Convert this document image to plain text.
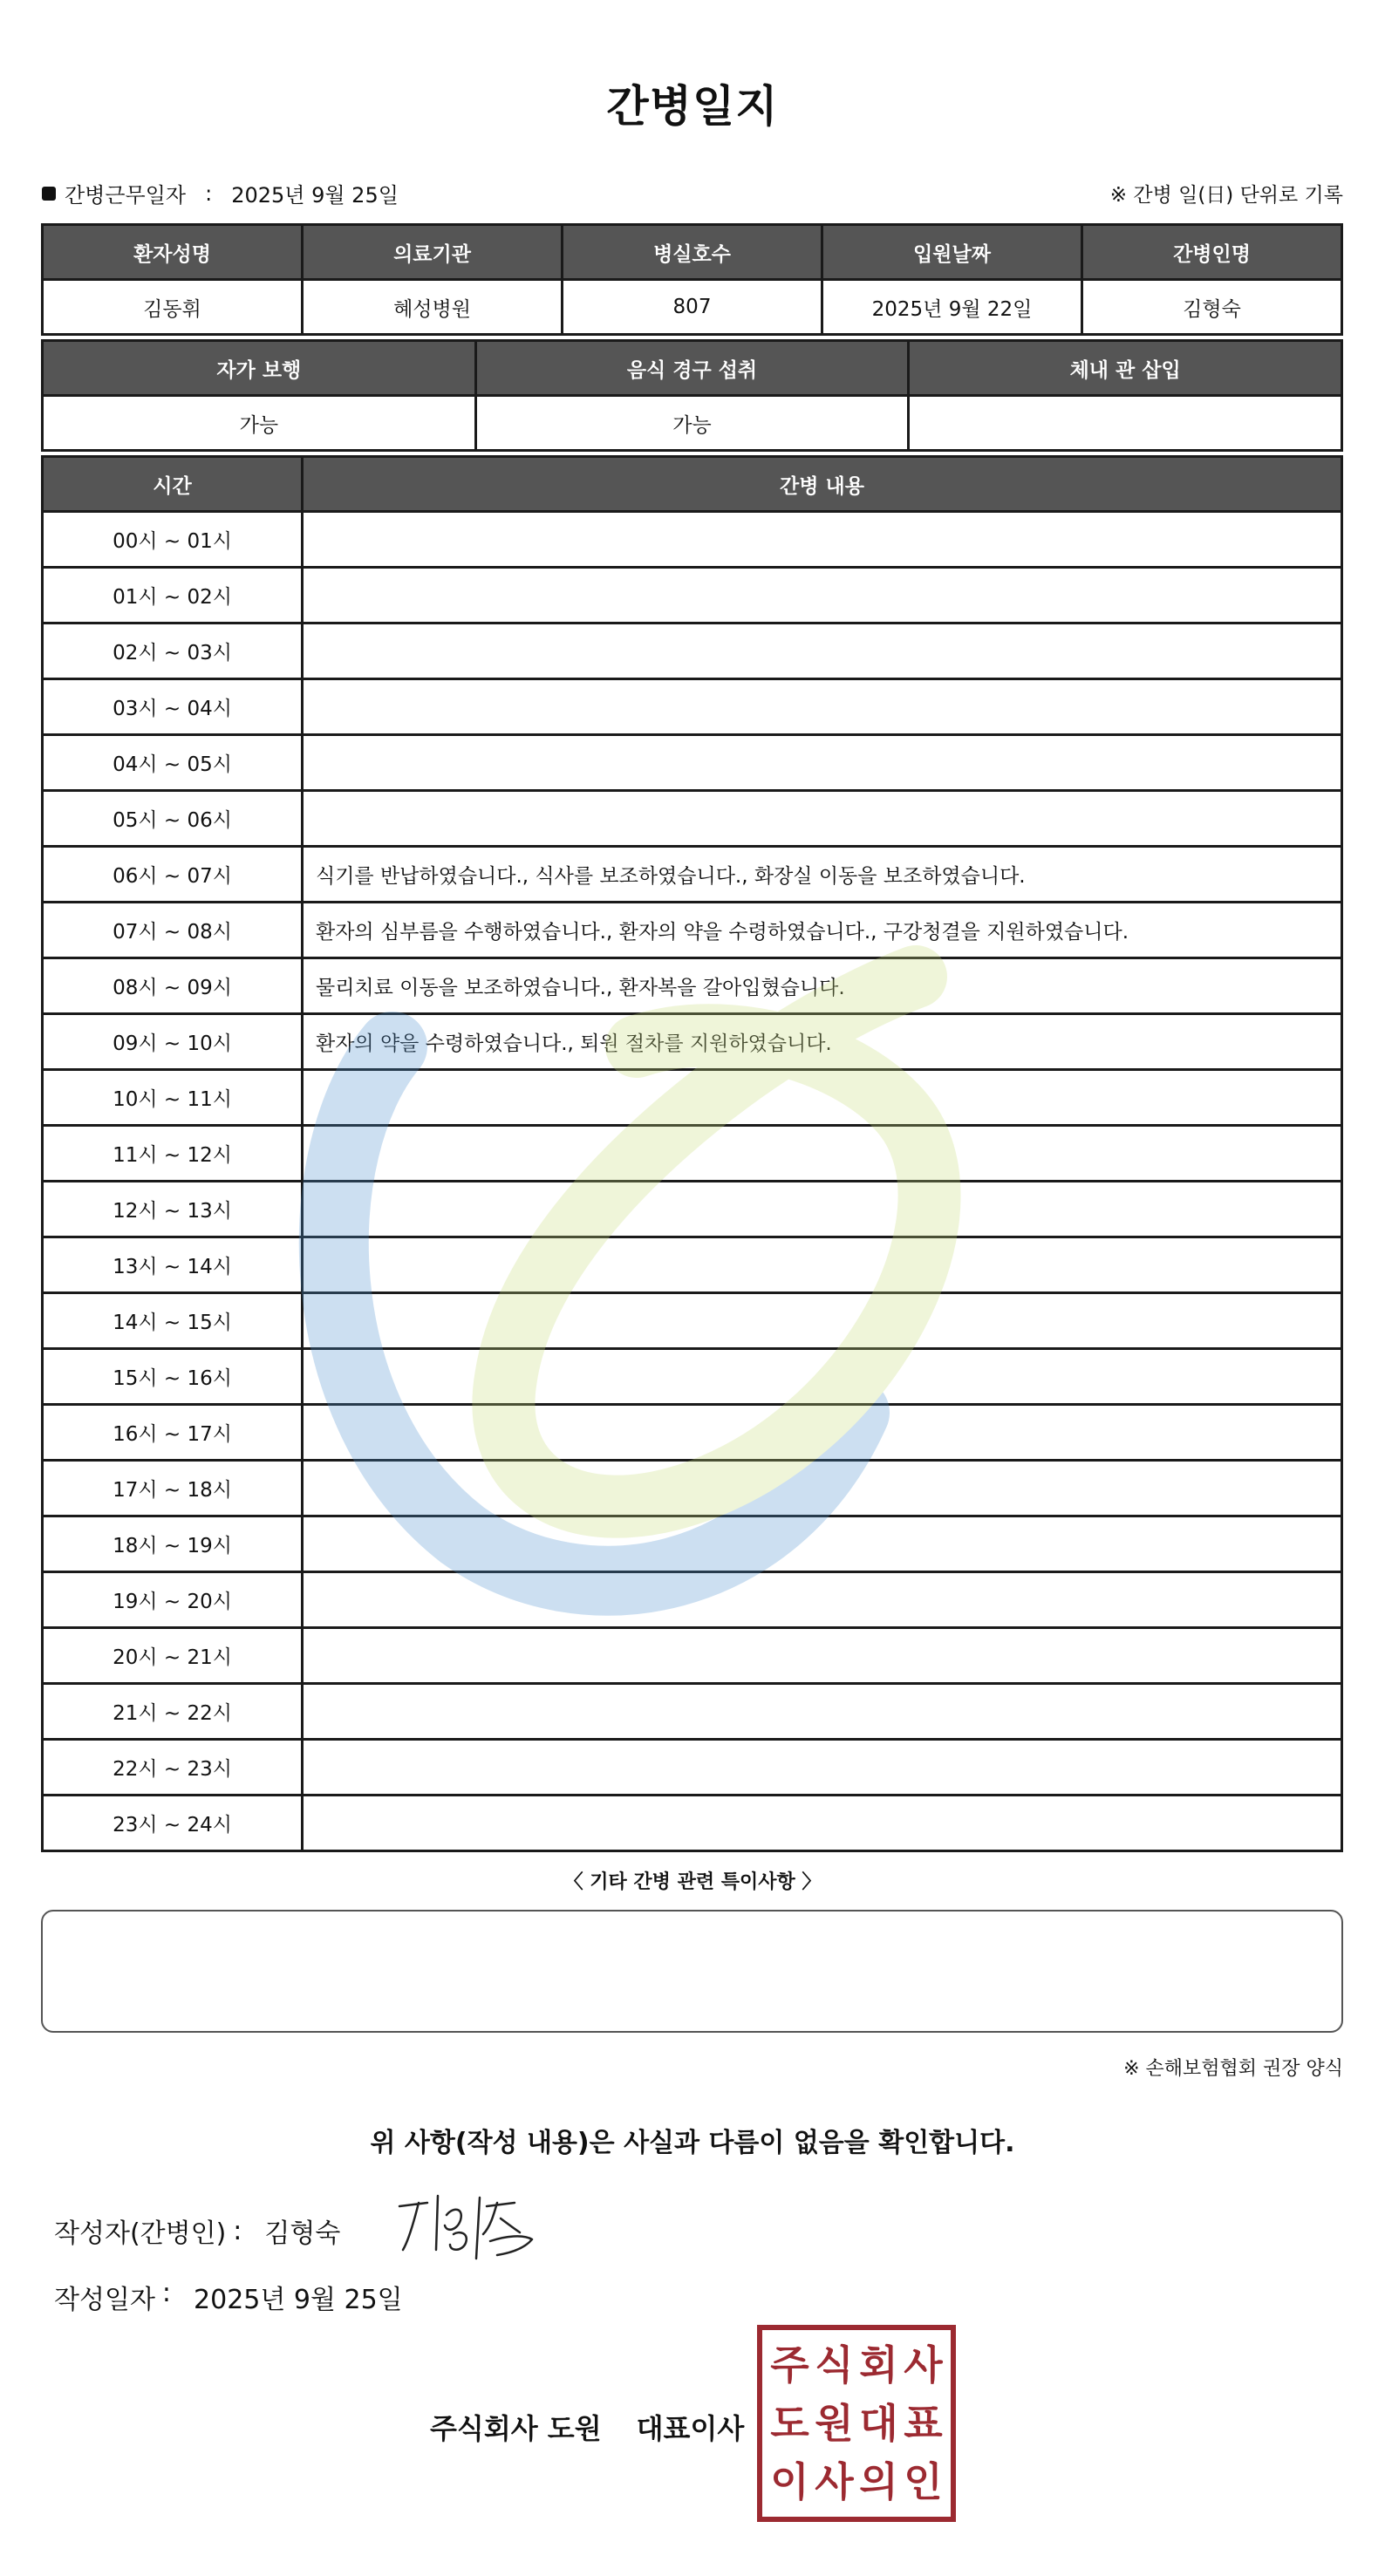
간병일지
간병근무일자 : 2025년 9월 25일	※ 간병 일(日) 단위로 기록
환자성명	의료기관	병실호수	입원날짜	간병인명
김동휘	혜성병원	807	2025년 9월 22일	김형숙
자가 보행	음식 경구 섭취	체내 관 삽입
가능	가능	
시간	간병 내용
00시 ~ 01시	
01시 ~ 02시	
02시 ~ 03시	
03시 ~ 04시	
04시 ~ 05시	
05시 ~ 06시	
06시 ~ 07시	식기를 반납하였습니다., 식사를 보조하였습니다., 화장실 이동을 보조하였습니다.
07시 ~ 08시	환자의 심부름을 수행하였습니다., 환자의 약을 수령하였습니다., 구강청결을 지원하였습니다.
08시 ~ 09시	물리치료 이동을 보조하였습니다., 환자복을 갈아입혔습니다.
09시 ~ 10시	환자의 약을 수령하였습니다., 퇴원 절차를 지원하였습니다.
10시 ~ 11시	
11시 ~ 12시	
12시 ~ 13시	
13시 ~ 14시	
14시 ~ 15시	
15시 ~ 16시	
16시 ~ 17시	
17시 ~ 18시	
18시 ~ 19시	
19시 ~ 20시	
20시 ~ 21시	
21시 ~ 22시	
22시 ~ 23시	
23시 ~ 24시	
〈 기타 간병 관련 특이사항 〉
※ 손해보험협회 권장 양식
위 사항(작성 내용)은 사실과 다름이 없음을 확인합니다.
작성자(간병인) : 김형숙
작성일자 : 2025년 9월 25일
주식회사 도원 대표이사
주 식 회 사
도 원 대 표
이 사 의 인
